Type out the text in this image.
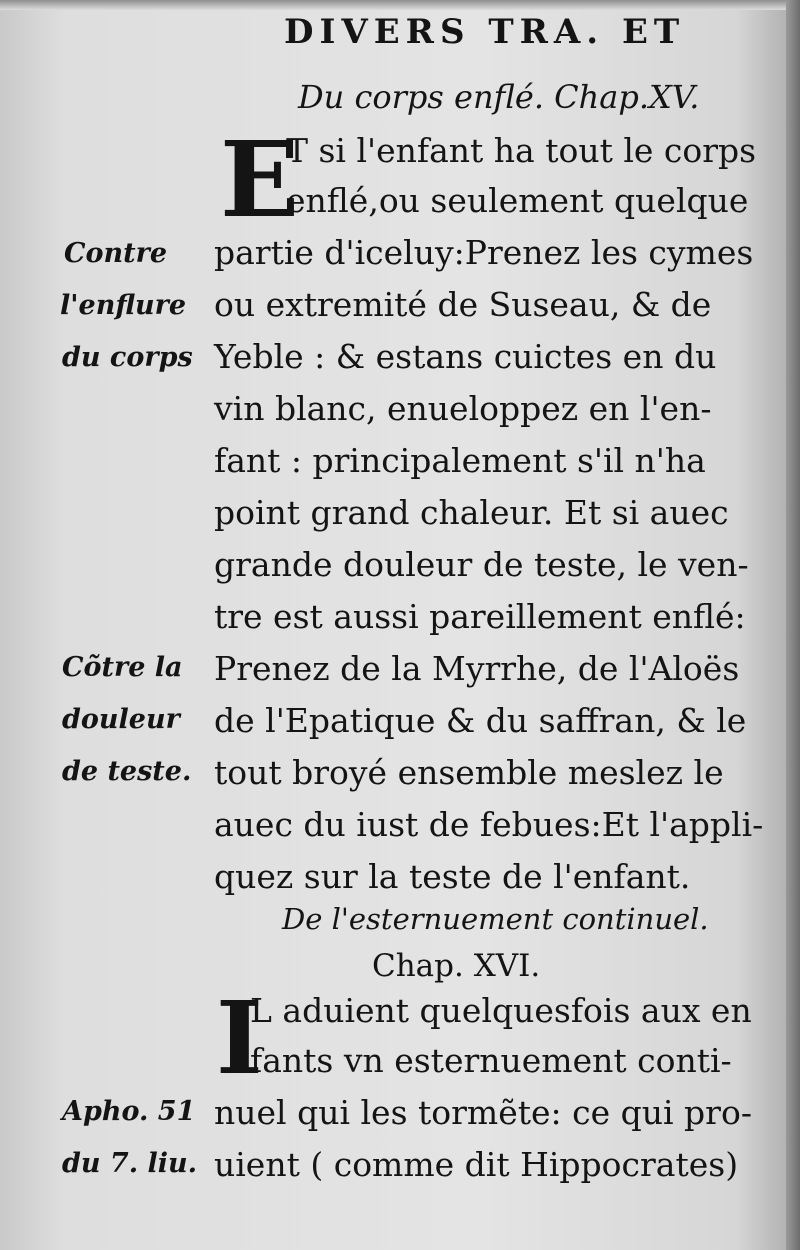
DIVERS TRA. ET
Du corps enflé. Chap.XV.
E
T si l'enfant ha tout le corps
enflé,ou seulement quelque
partie d'iceluy:Prenez les cymes
ou extremité de Suseau, & de
Yeble : & estans cuictes en du
vin blanc, enueloppez en l'en-
fant : principalement s'il n'ha
point grand chaleur. Et si auec
grande douleur de teste, le ven-
tre est aussi pareillement enflé:
Prenez de la Myrrhe, de l'Aloës
de l'Epatique & du saffran, & le
tout broyé ensemble meslez le
auec du iust de febues:Et l'appli-
quez sur la teste de l'enfant.
Contre
l'enflure
du corps
Cõtre la
douleur
de teste.
De l'esternuement continuel.
Chap. XVI.
I
L aduient quelquesfois aux en
fants vn esternuement conti-
nuel qui les tormẽte: ce qui pro-
uient ( comme dit Hippocrates)
Apho. 51
du 7. liu.
